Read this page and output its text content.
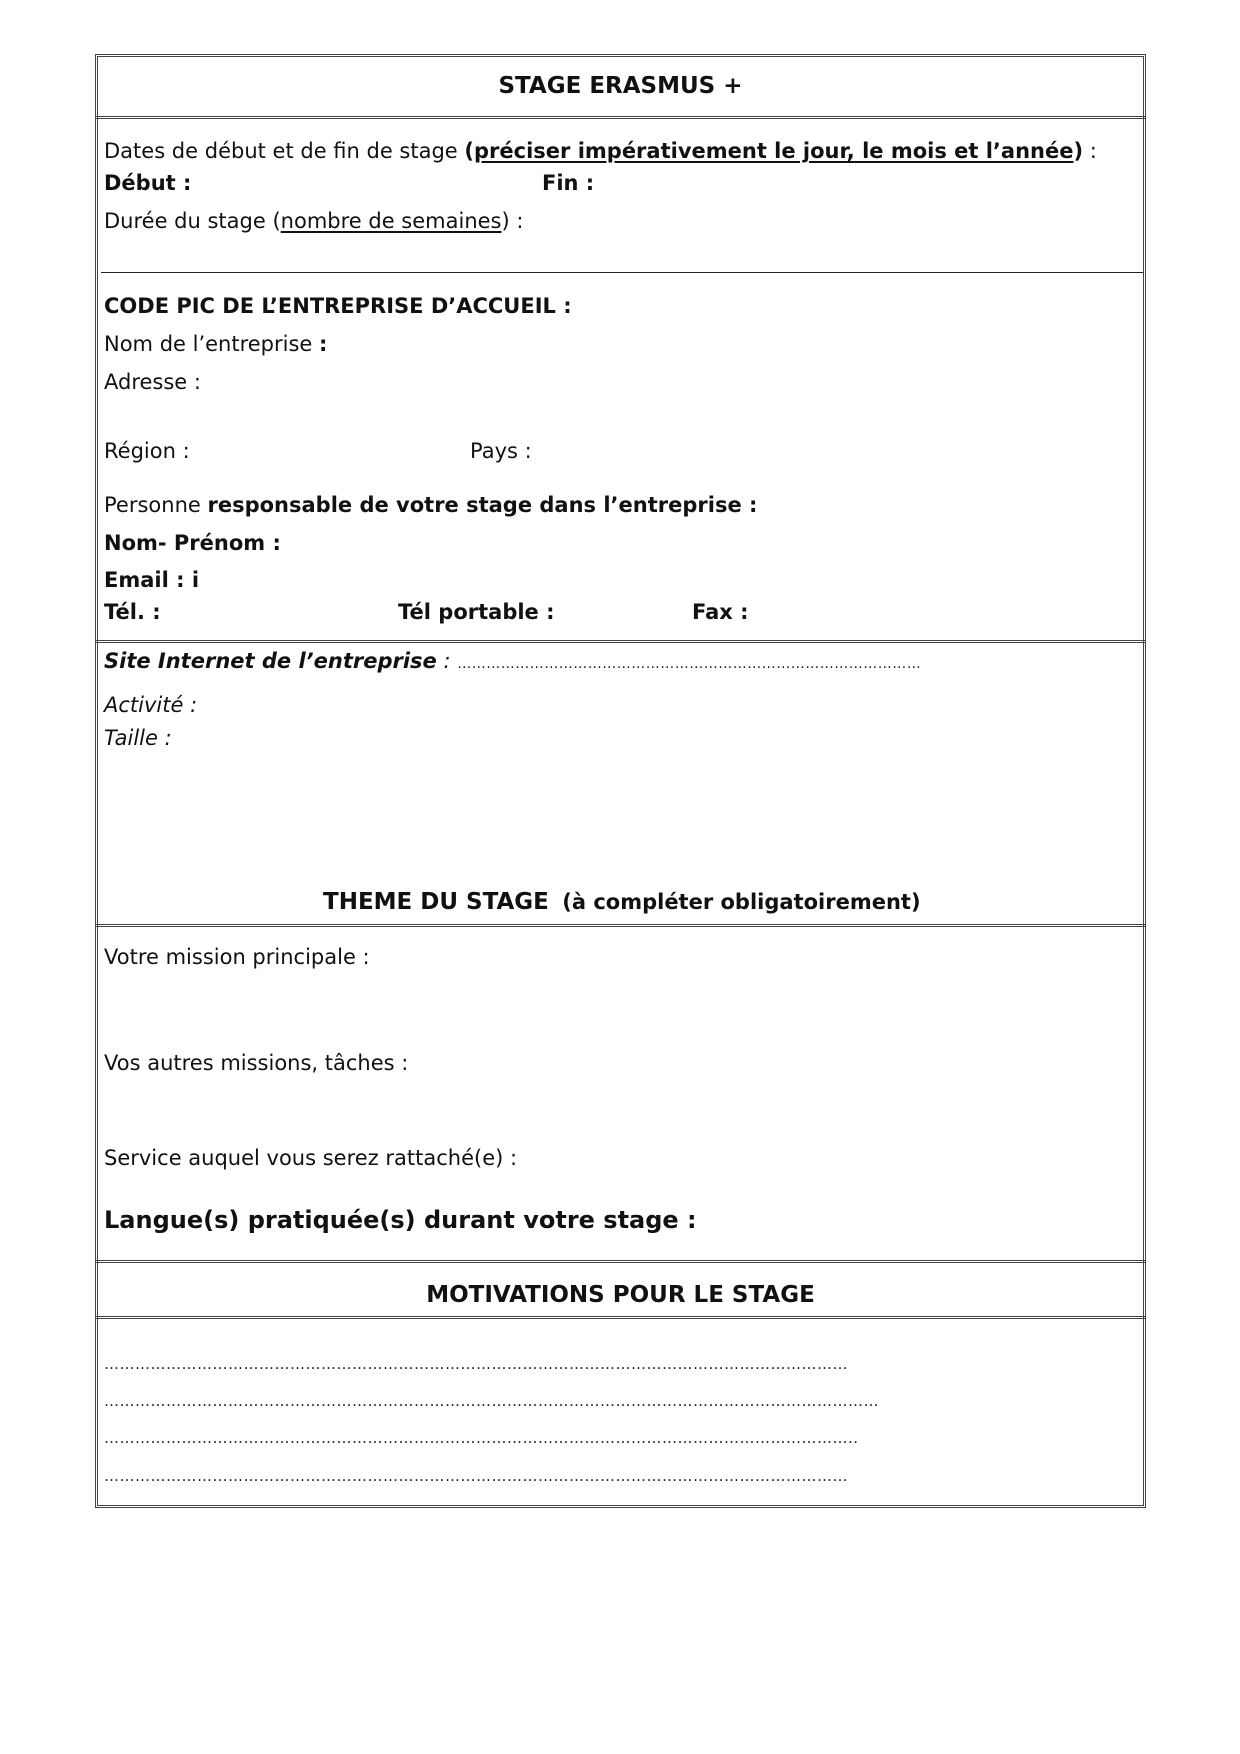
STAGE ERASMUS +
Dates de début et de fin de stage (préciser impérativement le jour, le mois et l’année) :
Début :	Fin :
Durée du stage (nombre de semaines) :
CODE PIC DE L’ENTREPRISE D’ACCUEIL :
Nom de l’entreprise :
Adresse :
Région :	Pays :
Personne responsable de votre stage dans l’entreprise :
Nom- Prénom :
Email : i
Tél. :	Tél portable :	Fax :
Site Internet de l’entreprise : ……………………………………………………………………………………
Activité :
Taille :
THEME DU STAGE (à compléter obligatoirement)
Votre mission principale :
Vos autres missions, tâches :
Service auquel vous serez rattaché(e) :
Langue(s) pratiquée(s) durant votre stage :
MOTIVATIONS POUR LE STAGE
………………………………………………………………………………………………………………………………
……………………………………………………………………………………………………………………………………
………………………………………………………………………………………………………………………………..
………………………………………………………………………………………………………………………………
